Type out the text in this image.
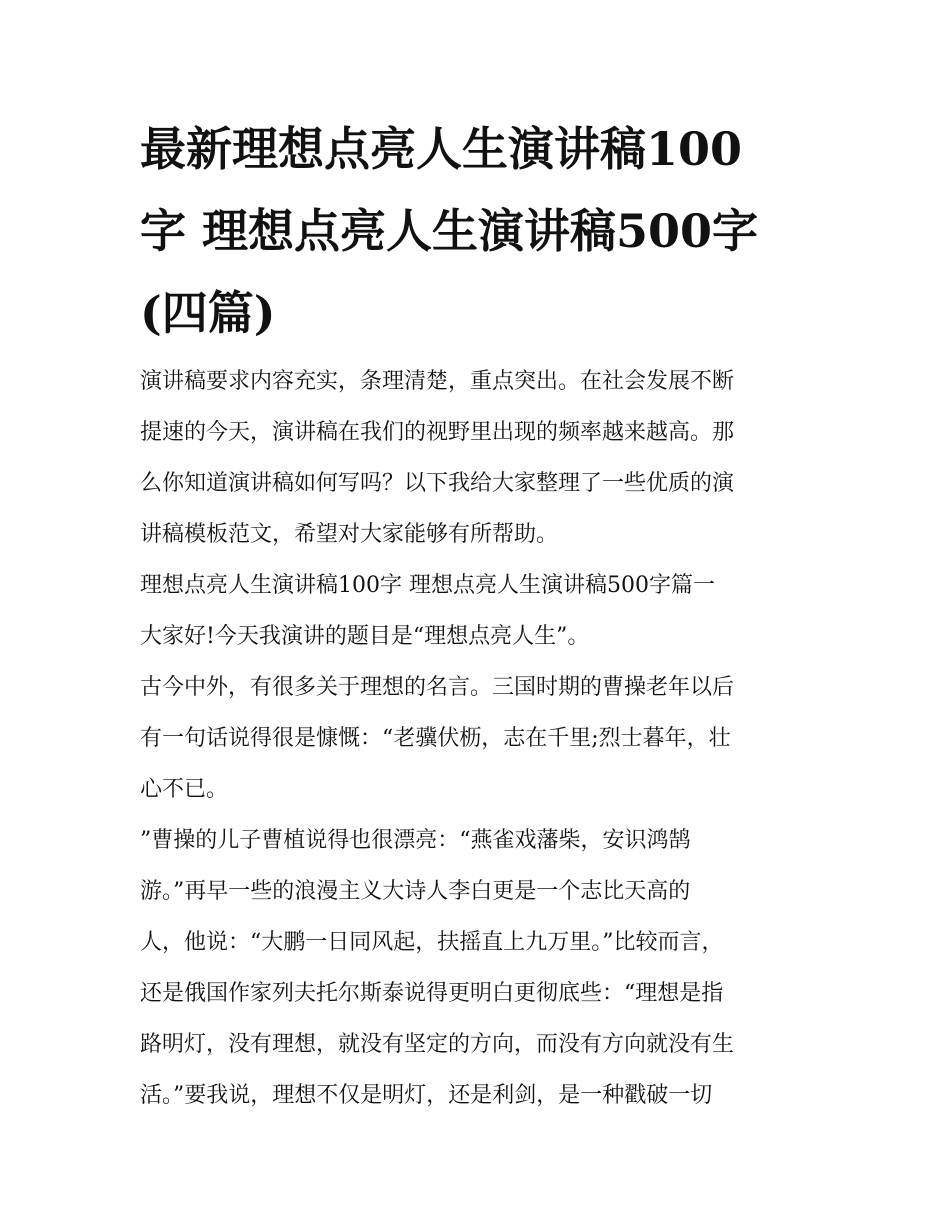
最新理想点亮人生演讲稿100
字 理想点亮人生演讲稿500字
(四篇)

演讲稿要求内容充实，条理清楚，重点突出。在社会发展不断
提速的今天，演讲稿在我们的视野里出现的频率越来越高。那
么你知道演讲稿如何写吗？以下我给大家整理了一些优质的演
讲稿模板范文，希望对大家能够有所帮助。

理想点亮人生演讲稿100字 理想点亮人生演讲稿500字篇一

大家好!今天我演讲的题目是“理想点亮人生”。

古今中外，有很多关于理想的名言。三国时期的曹操老年以后
有一句话说得很是慷慨：“老骥伏枥，志在千里;烈士暮年，壮
心不已。

”曹操的儿子曹植说得也很漂亮：“燕雀戏藩柴，安识鸿鹄
游。”再早一些的浪漫主义大诗人李白更是一个志比天高的
人，他说：“大鹏一日同风起，扶摇直上九万里。”比较而言，
还是俄国作家列夫托尔斯泰说得更明白更彻底些：“理想是指
路明灯，没有理想，就没有坚定的方向，而没有方向就没有生
活。”要我说，理想不仅是明灯，还是利剑，是一种戳破一切
